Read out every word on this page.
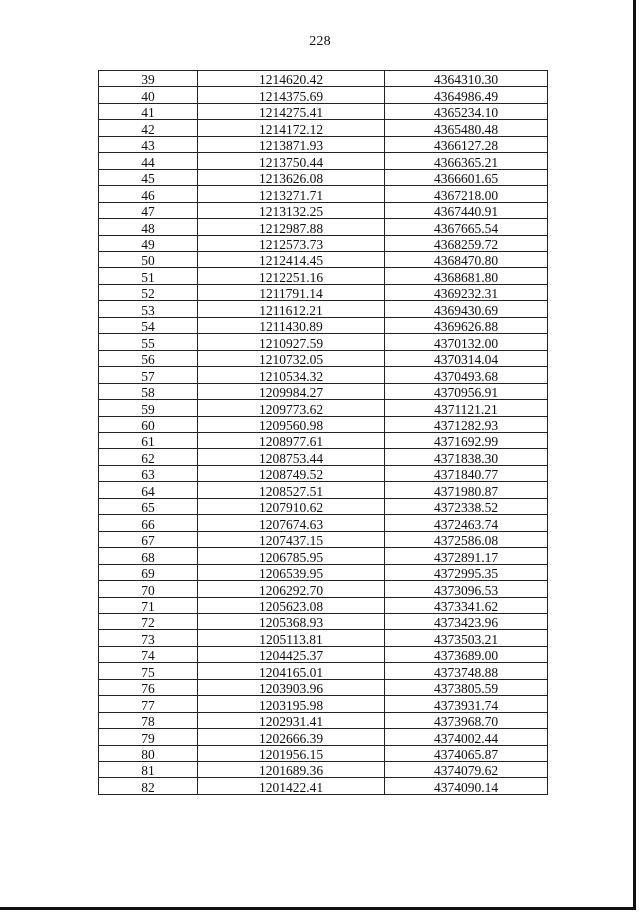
228
39	1214620.42	4364310.30
40	1214375.69	4364986.49
41	1214275.41	4365234.10
42	1214172.12	4365480.48
43	1213871.93	4366127.28
44	1213750.44	4366365.21
45	1213626.08	4366601.65
46	1213271.71	4367218.00
47	1213132.25	4367440.91
48	1212987.88	4367665.54
49	1212573.73	4368259.72
50	1212414.45	4368470.80
51	1212251.16	4368681.80
52	1211791.14	4369232.31
53	1211612.21	4369430.69
54	1211430.89	4369626.88
55	1210927.59	4370132.00
56	1210732.05	4370314.04
57	1210534.32	4370493.68
58	1209984.27	4370956.91
59	1209773.62	4371121.21
60	1209560.98	4371282.93
61	1208977.61	4371692.99
62	1208753.44	4371838.30
63	1208749.52	4371840.77
64	1208527.51	4371980.87
65	1207910.62	4372338.52
66	1207674.63	4372463.74
67	1207437.15	4372586.08
68	1206785.95	4372891.17
69	1206539.95	4372995.35
70	1206292.70	4373096.53
71	1205623.08	4373341.62
72	1205368.93	4373423.96
73	1205113.81	4373503.21
74	1204425.37	4373689.00
75	1204165.01	4373748.88
76	1203903.96	4373805.59
77	1203195.98	4373931.74
78	1202931.41	4373968.70
79	1202666.39	4374002.44
80	1201956.15	4374065.87
81	1201689.36	4374079.62
82	1201422.41	4374090.14
